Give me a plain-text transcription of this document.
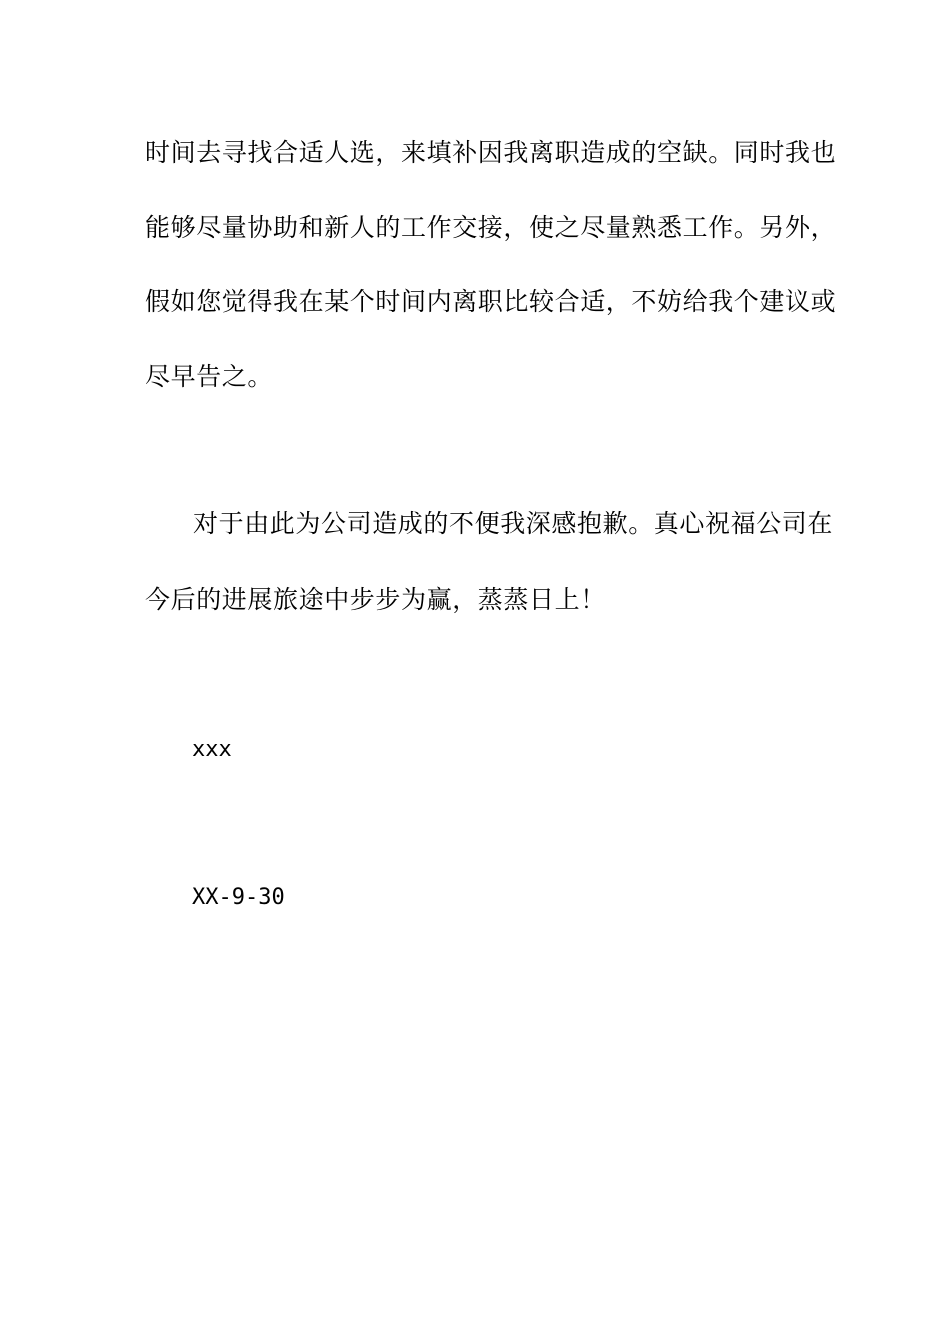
时间去寻找合适人选，来填补因我离职造成的空缺。同时我也
能够尽量协助和新人的工作交接，使之尽量熟悉工作。另外，
假如您觉得我在某个时间内离职比较合适，不妨给我个建议或
尽早告之。
对于由此为公司造成的不便我深感抱歉。真心祝福公司在
今后的进展旅途中步步为赢，蒸蒸日上！
xxx
XX-9-30
